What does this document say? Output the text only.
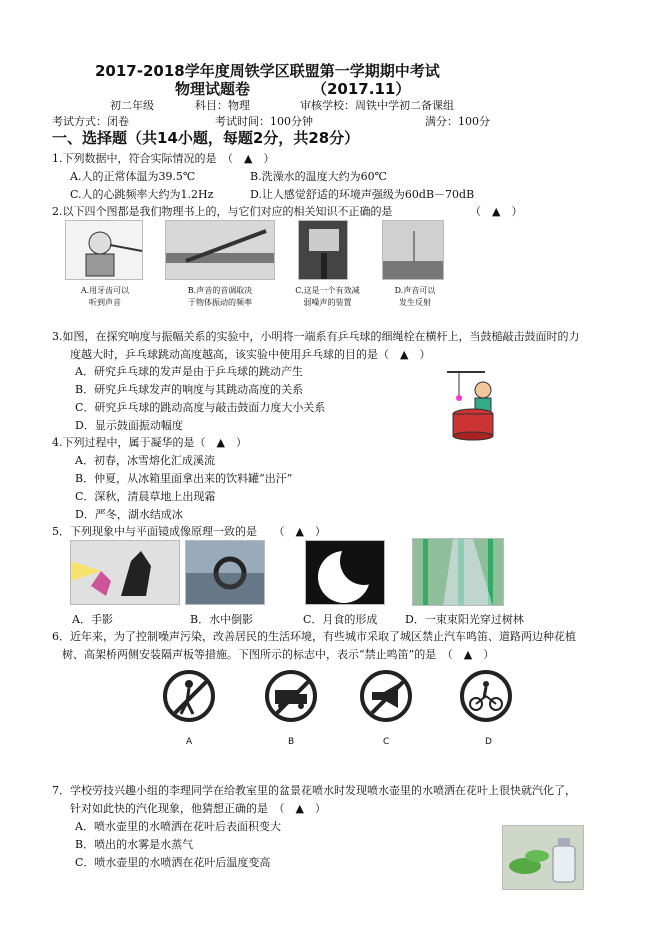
2017-2018学年度周铁学区联盟第一学期期中考试
物理试题卷	（2017.11）
初二年级	科目：物理	审核学校：周铁中学初二备课组
考试方式：闭卷	考试时间：100分钟	满分：100分
一、选择题（共14小题，每题2分，共28分）
1.下列数据中，符合实际情况的是　（　▲　）
A.人的正常体温为39.5℃	B.洗澡水的温度大约为60℃
C.人的心跳频率大约为1.2Hz	D.让人感觉舒适的环境声强级为60dB－70dB
2.以下四个图都是我们物理书上的，与它们对应的相关知识不正确的是	（　▲　）
A.用牙齿可以
听到声音
B.声音的音调取决
于物体振动的频率
C.这是一个有效减
弱噪声的装置
D.声音可以
发生反射
3.如图，在探究响度与振幅关系的实验中，小明将一端系有乒乓球的细绳栓在横杆上，当鼓槌敲击鼓面时的力
度越大时，乒乓球跳动高度越高，该实验中使用乒乓球的目的是（　▲　）
A．研究乒乓球的发声是由于乒乓球的跳动产生
B．研究乒乓球发声的响度与其跳动高度的关系
C．研究乒乓球的跳动高度与敲击鼓面力度大小关系
D．显示鼓面振动幅度
4.下列过程中，属于凝华的是（　▲　）
A．初春，冰雪熔化汇成溪流
B．仲夏，从冰箱里面拿出来的饮料罐“出汗”
C．深秋，清晨草地上出现霜
D．严冬，湖水结成冰
5．下列现象中与平面镜成像原理一致的是　　（　▲　）
A．手影	B．水中倒影	C．月食的形成	D．一束束阳光穿过树林
6．近年来，为了控制噪声污染，改善居民的生活环境，有些城市采取了城区禁止汽车鸣笛、道路两边种花植
树、高架桥两侧安装隔声板等措施。下图所示的标志中，表示“禁止鸣笛”的是　（　▲　）
A	B	C	D
7．学校劳技兴趣小组的李理同学在给教室里的盆景花喷水时发现喷水壶里的水喷洒在花叶上很快就汽化了，
针对如此快的汽化现象，他猜想正确的是　（　▲　）
A．喷水壶里的水喷洒在花叶后表面积变大
B．喷出的水雾是水蒸气
C．喷水壶里的水喷洒在花叶后温度变高
